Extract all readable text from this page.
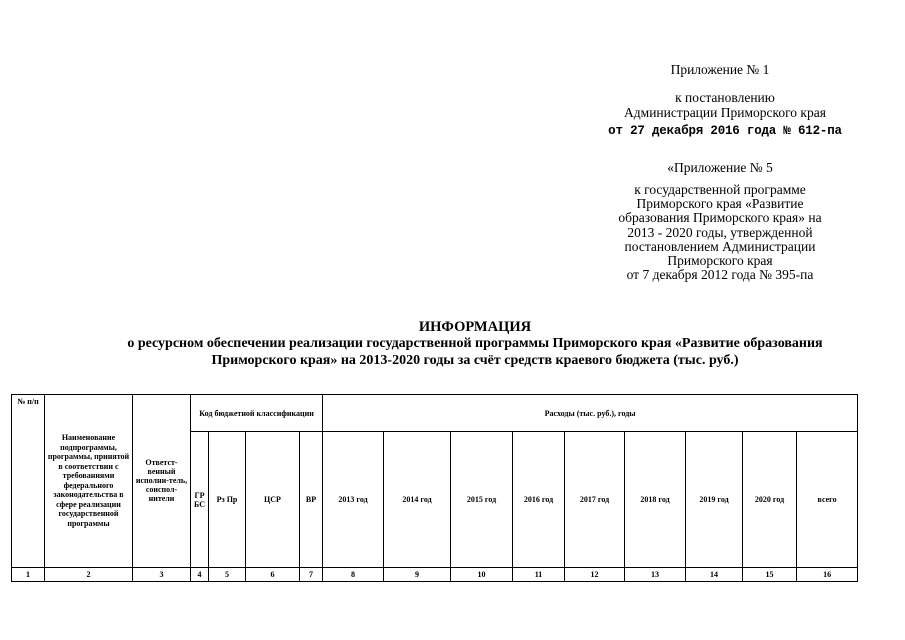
Приложение № 1
к постановлению
Администрации Приморского края
от 27 декабря 2016 года № 612-па
«Приложение № 5
к государственной программе
Приморского края «Развитие
образования Приморского края» на
2013 - 2020 годы, утвержденной
постановлением Администрации
Приморского края
от 7 декабря 2012 года № 395-па
ИНФОРМАЦИЯ
о ресурсном обеспечении реализации государственной программы Приморского края «Развитие образования
Приморского края» на 2013-2020 годы за счёт средств краевого бюджета (тыс. руб.)
№ п/п	Наименование подпрограммы, программы, принятой в соответствии с требованиями федерального законодательства в сфере реализации государственной программы	Ответст-венный исполни-тель, соиспол-нители	Код бюджетной классификации				Расходы (тыс. руб.), годы								
			ГР БС	Рз Пр	ЦСР	ВР	2013 год	2014 год	2015 год	2016 год	2017 год	2018 год	2019 год	2020 год	всего
1	2	3	4	5	6	7	8	9	10	11	12	13	14	15	16
